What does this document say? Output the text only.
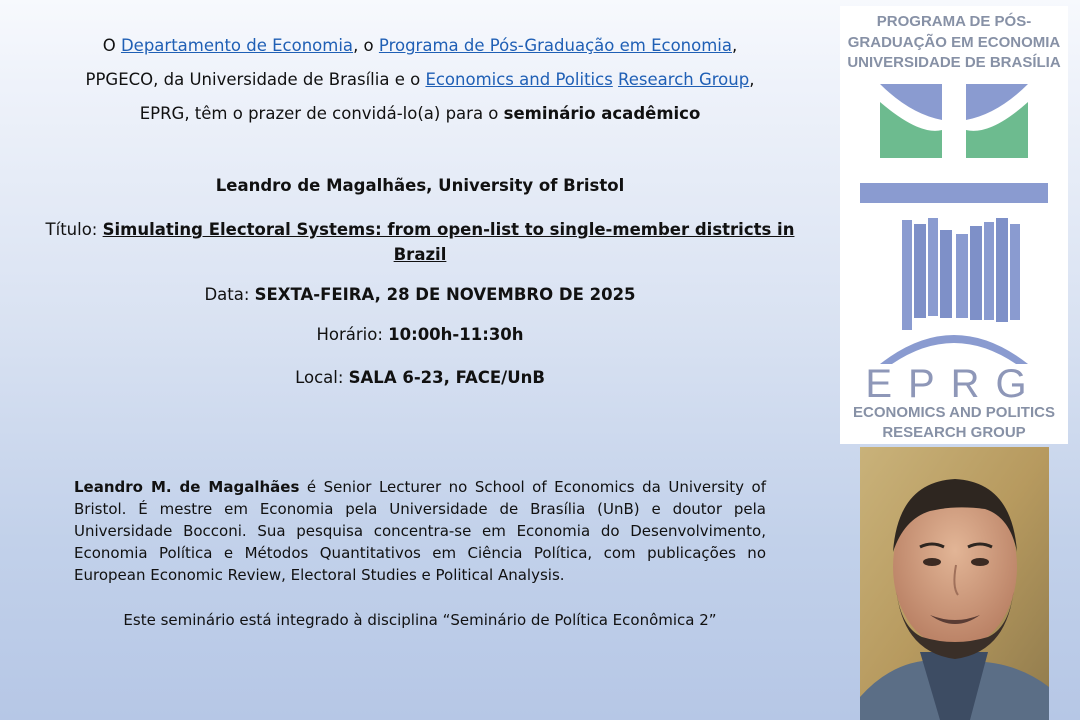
O Departamento de Economia, o Programa de Pós-Graduação em Economia,
PPGECO, da Universidade de Brasília e o Economics and Politics Research Group,
EPRG, têm o prazer de convidá-lo(a) para o seminário acadêmico
Leandro de Magalhães, University of Bristol
Título: Simulating Electoral Systems: from open-list to single-member districts in
Brazil
Data: SEXTA-FEIRA, 28 DE NOVEMBRO DE 2025
Horário: 10:00h-11:30h
Local: SALA 6-23, FACE/UnB
Leandro M. de Magalhães é Senior Lecturer no School of Economics da University of Bristol. É mestre em Economia pela Universidade de Brasília (UnB) e doutor pela Universidade Bocconi. Sua pesquisa concentra-se em Economia do Desenvolvimento, Economia Política e Métodos Quantitativos em Ciência Política, com publicações no European Economic Review, Electoral Studies e Political Analysis.
Este seminário está integrado à disciplina “Seminário de Política Econômica 2”
PROGRAMA DE PÓS-
GRADUAÇÃO EM ECONOMIA
UNIVERSIDADE DE BRASÍLIA
EPRG
ECONOMICS AND POLITICS
RESEARCH GROUP
